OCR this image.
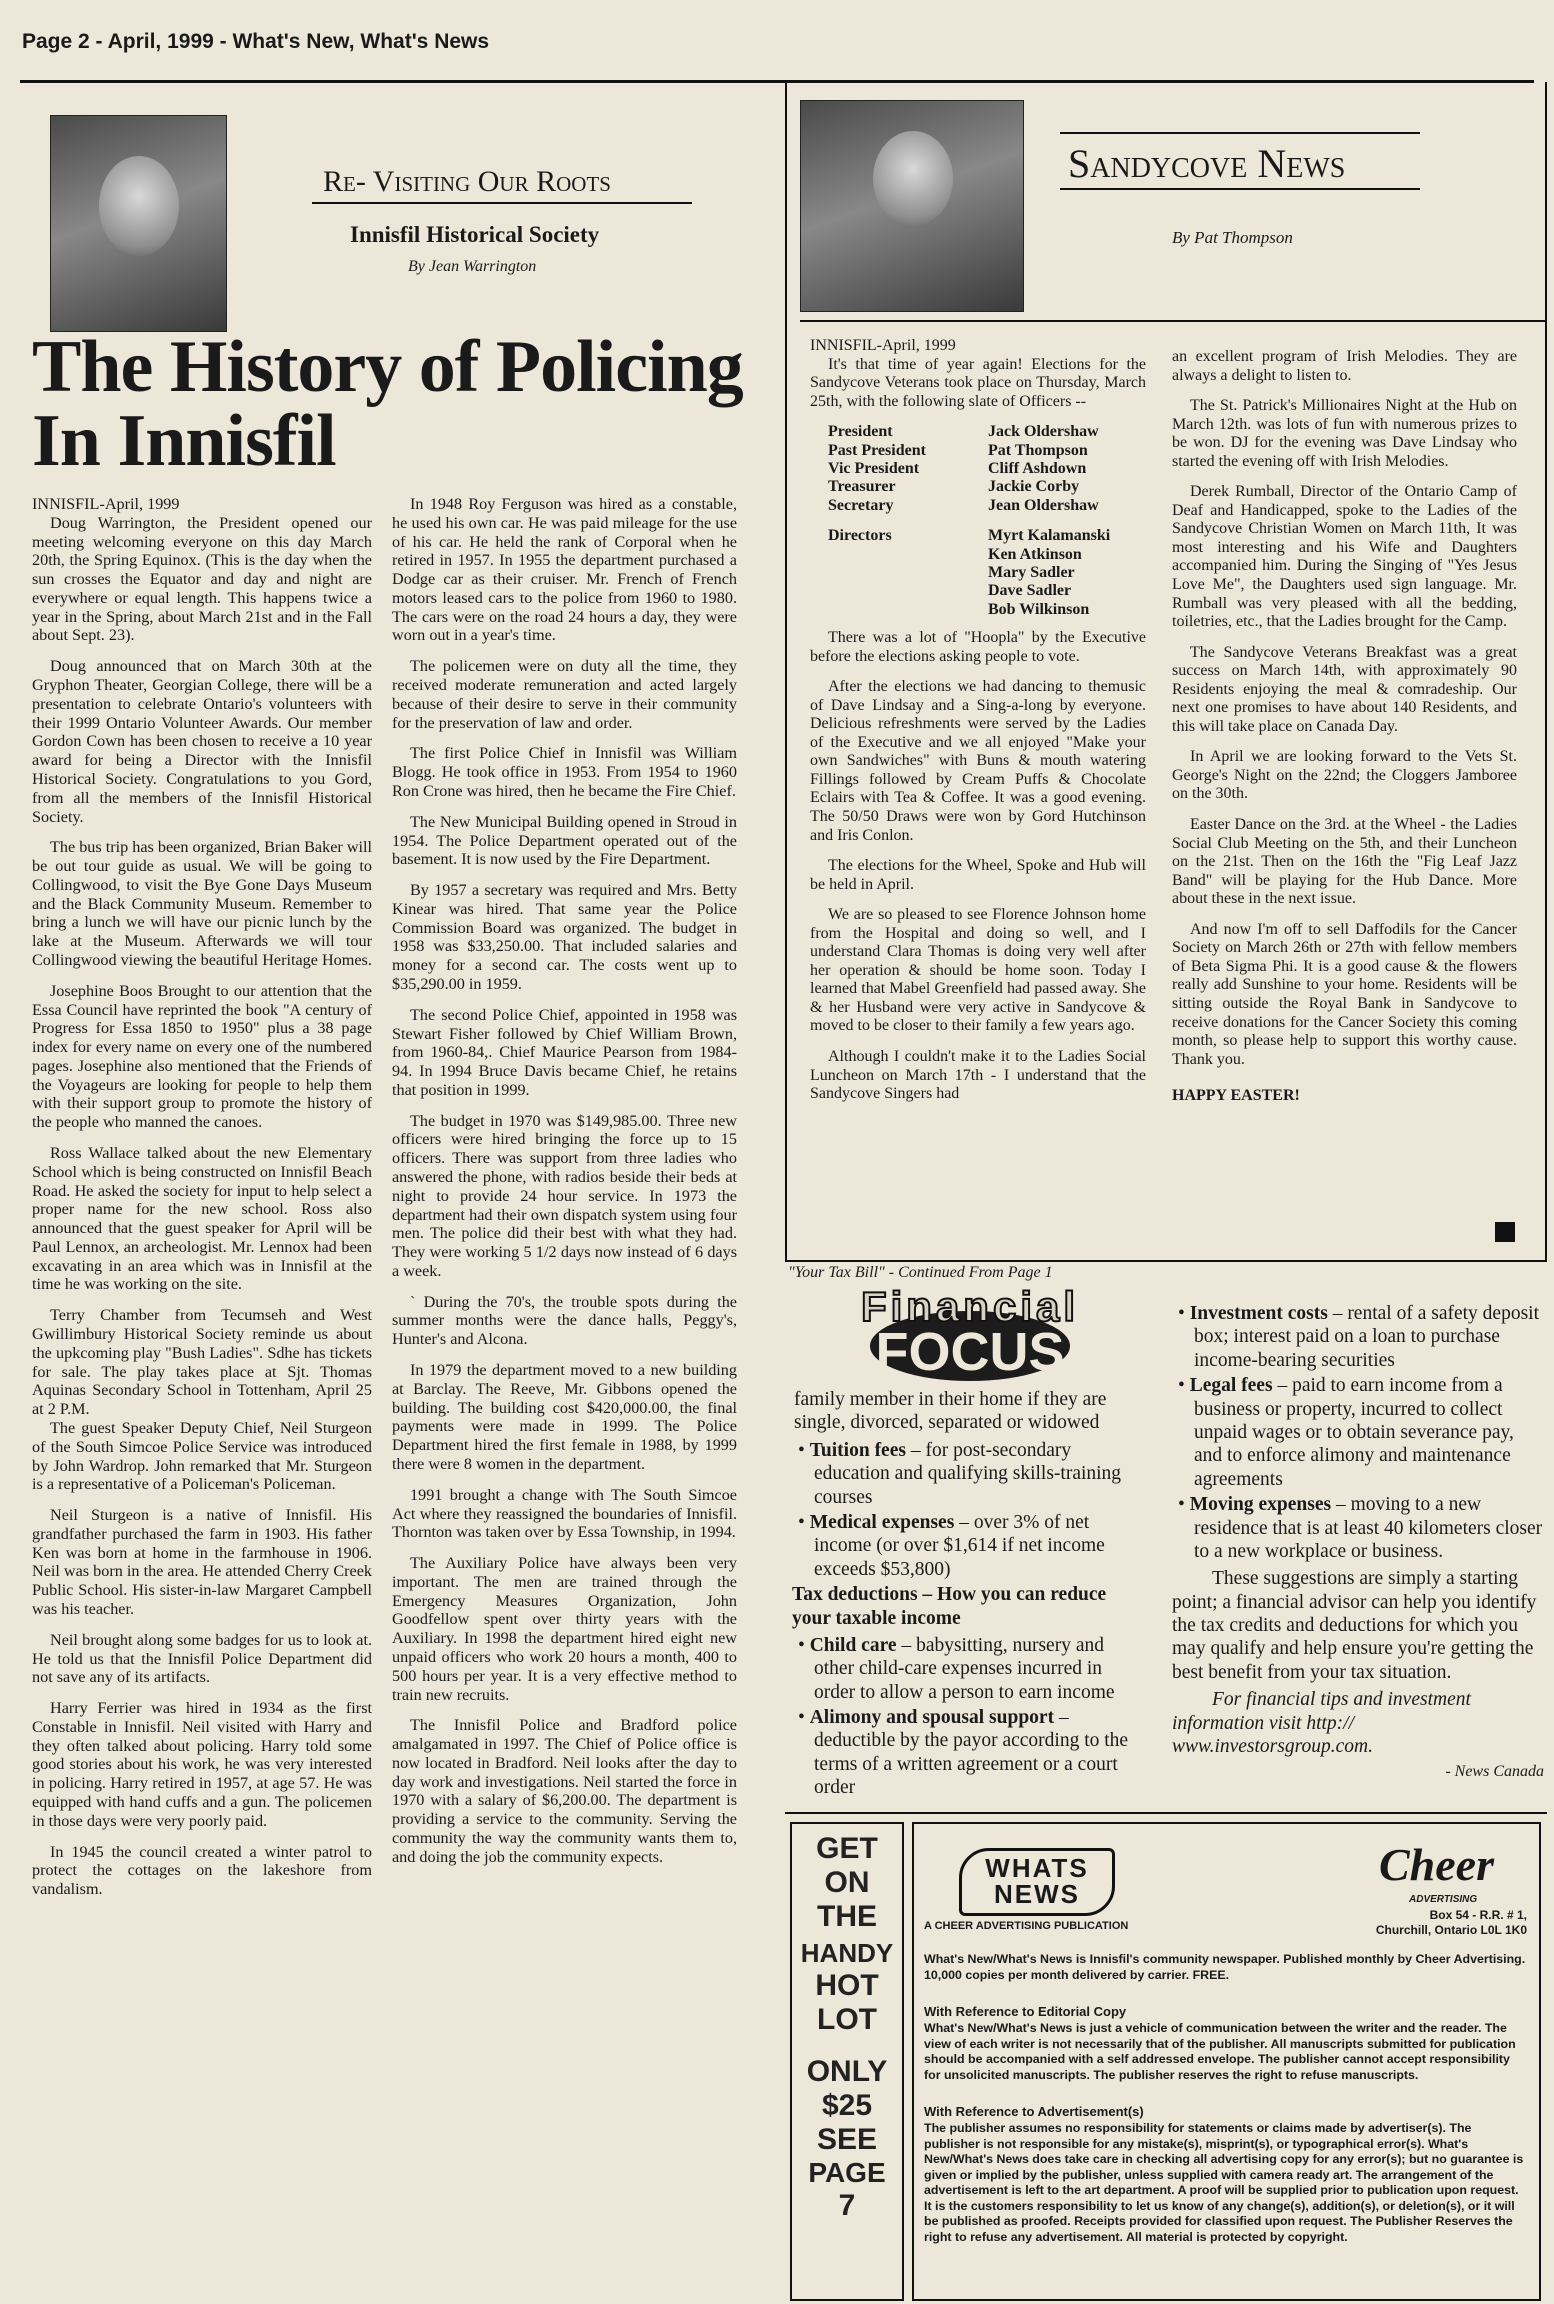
Page 2 - April, 1999 - What's New, What's News
Re- Visiting Our Roots
Innisfil Historical Society
By Jean Warrington
The History of Policing
In Innisfil

INNISFIL-April, 1999

Doug Warrington, the President opened our meeting welcoming everyone on this day March 20th, the Spring Equinox. (This is the day when the sun crosses the Equator and day and night are everywhere or equal length. This happens twice a year in the Spring, about March 21st and in the Fall about Sept. 23).

Doug announced that on March 30th at the Gryphon Theater, Georgian College, there will be a presentation to celebrate Ontario's volunteers with their 1999 Ontario Volunteer Awards. Our member Gordon Cown has been chosen to receive a 10 year award for being a Director with the Innisfil Historical Society. Congratulations to you Gord, from all the members of the Innisfil Historical Society.

The bus trip has been organized, Brian Baker will be out tour guide as usual. We will be going to Collingwood, to visit the Bye Gone Days Museum and the Black Community Museum. Remember to bring a lunch we will have our picnic lunch by the lake at the Museum. Afterwards we will tour Collingwood viewing the beautiful Heritage Homes.

Josephine Boos Brought to our attention that the Essa Council have reprinted the book "A century of Progress for Essa 1850 to 1950" plus a 38 page index for every name on every one of the numbered pages. Josephine also mentioned that the Friends of the Voyageurs are looking for people to help them with their support group to promote the history of the people who manned the canoes.

Ross Wallace talked about the new Elementary School which is being constructed on Innisfil Beach Road. He asked the society for input to help select a proper name for the new school. Ross also announced that the guest speaker for April will be Paul Lennox, an archeologist. Mr. Lennox had been excavating in an area which was in Innisfil at the time he was working on the site.

Terry Chamber from Tecumseh and West Gwillimbury Historical Society reminde us about the upkcoming play "Bush Ladies". Sdhe has tickets for sale. The play takes place at Sjt. Thomas Aquinas Secondary School in Tottenham, April 25 at 2 P.M.

The guest Speaker Deputy Chief, Neil Sturgeon of the South Simcoe Police Service was introduced by John Wardrop. John remarked that Mr. Sturgeon is a representative of a Policeman's Policeman.

Neil Sturgeon is a native of Innisfil. His grandfather purchased the farm in 1903. His father Ken was born at home in the farmhouse in 1906. Neil was born in the area. He attended Cherry Creek Public School. His sister-in-law Margaret Campbell was his teacher.

Neil brought along some badges for us to look at. He told us that the Innisfil Police Department did not save any of its artifacts.

Harry Ferrier was hired in 1934 as the first Constable in Innisfil. Neil visited with Harry and they often talked about policing. Harry told some good stories about his work, he was very interested in policing. Harry retired in 1957, at age 57. He was equipped with hand cuffs and a gun. The policemen in those days were very poorly paid.

In 1945 the council created a winter patrol to protect the cottages on the lakeshore from vandalism.

In 1948 Roy Ferguson was hired as a constable, he used his own car. He was paid mileage for the use of his car. He held the rank of Corporal when he retired in 1957. In 1955 the department purchased a Dodge car as their cruiser. Mr. French of French motors leased cars to the police from 1960 to 1980. The cars were on the road 24 hours a day, they were worn out in a year's time.

The policemen were on duty all the time, they received moderate remuneration and acted largely because of their desire to serve in their community for the preservation of law and order.

The first Police Chief in Innisfil was William Blogg. He took office in 1953. From 1954 to 1960 Ron Crone was hired, then he became the Fire Chief.

The New Municipal Building opened in Stroud in 1954. The Police Department operated out of the basement. It is now used by the Fire Department.

By 1957 a secretary was required and Mrs. Betty Kinear was hired. That same year the Police Commission Board was organized. The budget in 1958 was $33,250.00. That included salaries and money for a second car. The costs went up to $35,290.00 in 1959.

The second Police Chief, appointed in 1958 was Stewart Fisher followed by Chief William Brown, from 1960-84,. Chief Maurice Pearson from 1984-94. In 1994 Bruce Davis became Chief, he retains that position in 1999.

The budget in 1970 was $149,985.00. Three new officers were hired bringing the force up to 15 officers. There was support from three ladies who answered the phone, with radios beside their beds at night to provide 24 hour service. In 1973 the department had their own dispatch system using four men. The police did their best with what they had. They were working 5 1/2 days now instead of 6 days a week.

` During the 70's, the trouble spots during the summer months were the dance halls, Peggy's, Hunter's and Alcona.

In 1979 the department moved to a new building at Barclay. The Reeve, Mr. Gibbons opened the building. The building cost $420,000.00, the final payments were made in 1999. The Police Department hired the first female in 1988, by 1999 there were 8 women in the department.

1991 brought a change with The South Simcoe Act where they reassigned the boundaries of Innisfil. Thornton was taken over by Essa Township, in 1994.

The Auxiliary Police have always been very important. The men are trained through the Emergency Measures Organization, John Goodfellow spent over thirty years with the Auxiliary. In 1998 the department hired eight new unpaid officers who work 20 hours a month, 400 to 500 hours per year. It is a very effective method to train new recruits.

The Innisfil Police and Bradford police amalgamated in 1997. The Chief of Police office is now located in Bradford. Neil looks after the day to day work and investigations. Neil started the force in 1970 with a salary of $6,200.00. The department is providing a service to the community. Serving the community the way the community wants them to, and doing the job the community expects.

Sandycove News
By Pat Thompson

INNISFIL-April, 1999

It's that time of year again! Elections for the Sandycove Veterans took place on Thursday, March 25th, with the following slate of Officers --

President	Jack Oldershaw
Past President	Pat Thompson
Vic President	Cliff Ashdown
Treasurer	Jackie Corby
Secretary	Jean Oldershaw
Directors	Myrt Kalamanski
Ken Atkinson
Mary Sadler
Dave Sadler
Bob Wilkinson

There was a lot of "Hoopla" by the Executive before the elections asking people to vote.

After the elections we had dancing to themusic of Dave Lindsay and a Sing-a-long by everyone. Delicious refreshments were served by the Ladies of the Executive and we all enjoyed "Make your own Sandwiches" with Buns & mouth watering Fillings followed by Cream Puffs & Chocolate Eclairs with Tea & Coffee. It was a good evening. The 50/50 Draws were won by Gord Hutchinson and Iris Conlon.

The elections for the Wheel, Spoke and Hub will be held in April.

We are so pleased to see Florence Johnson home from the Hospital and doing so well, and I understand Clara Thomas is doing very well after her operation & should be home soon. Today I learned that Mabel Greenfield had passed away. She & her Husband were very active in Sandycove & moved to be closer to their family a few years ago.

Although I couldn't make it to the Ladies Social Luncheon on March 17th - I understand that the Sandycove Singers had

an excellent program of Irish Melodies. They are always a delight to listen to.

The St. Patrick's Millionaires Night at the Hub on March 12th. was lots of fun with numerous prizes to be won. DJ for the evening was Dave Lindsay who started the evening off with Irish Melodies.

Derek Rumball, Director of the Ontario Camp of Deaf and Handicapped, spoke to the Ladies of the Sandycove Christian Women on March 11th, It was most interesting and his Wife and Daughters accompanied him. During the Singing of "Yes Jesus Love Me", the Daughters used sign language. Mr. Rumball was very pleased with all the bedding, toiletries, etc., that the Ladies brought for the Camp.

The Sandycove Veterans Breakfast was a great success on March 14th, with approximately 90 Residents enjoying the meal & comradeship. Our next one promises to have about 140 Residents, and this will take place on Canada Day.

In April we are looking forward to the Vets St. George's Night on the 22nd; the Cloggers Jamboree on the 30th.

Easter Dance on the 3rd. at the Wheel - the Ladies Social Club Meeting on the 5th, and their Luncheon on the 21st. Then on the 16th the "Fig Leaf Jazz Band" will be playing for the Hub Dance. More about these in the next issue.

And now I'm off to sell Daffodils for the Cancer Society on March 26th or 27th with fellow members of Beta Sigma Phi. It is a good cause & the flowers really add Sunshine to your home. Residents will be sitting outside the Royal Bank in Sandycove to receive donations for the Cancer Society this coming month, so please help to support this worthy cause. Thank you.

HAPPY EASTER!

"Your Tax Bill" - Continued From Page 1
Financial
FOCUS

family member in their home if they are single, divorced, separated or widowed

• Tuition fees – for post-secondary education and qualifying skills-training courses
• Medical expenses – over 3% of net income (or over $1,614 if net income exceeds $53,800)

Tax deductions – How you can reduce your taxable income

• Child care – babysitting, nursery and other child-care expenses incurred in order to allow a person to earn income
• Alimony and spousal support – deductible by the payor according to the terms of a written agreement or a court order
• Investment costs – rental of a safety deposit box; interest paid on a loan to purchase income-bearing securities
• Legal fees – paid to earn income from a business or property, incurred to collect unpaid wages or to obtain severance pay, and to enforce alimony and maintenance agreements
• Moving expenses – moving to a new residence that is at least 40 kilometers closer to a new workplace or business.

These suggestions are simply a starting point; a financial advisor can help you identify the tax credits and deductions for which you may qualify and help ensure you're getting the best benefit from your tax situation.

For financial tips and investment information visit http:// www.investorsgroup.com.

- News Canada

GET
ON
THE
HANDY
HOT
LOT
ONLY
$25
SEE
PAGE
7
WHATS
NEWS
A CHEER ADVERTISING PUBLICATION
Cheer
ADVERTISING
Box 54 - R.R. # 1,
Churchill, Ontario L0L 1K0
What's New/What's News is Innisfil's community newspaper. Published monthly by Cheer Advertising. 10,000 copies per month delivered by carrier. FREE.
With Reference to Editorial Copy
What's New/What's News is just a vehicle of communication between the writer and the reader. The view of each writer is not necessarily that of the publisher. All manuscripts submitted for publication should be accompanied with a self addressed envelope. The publisher cannot accept responsibility for unsolicited manuscripts. The publisher reserves the right to refuse manuscripts.
With Reference to Advertisement(s)
The publisher assumes no responsibility for statements or claims made by advertiser(s). The publisher is not responsible for any mistake(s), misprint(s), or typographical error(s). What's New/What's News does take care in checking all advertising copy for any error(s); but no guarantee is given or implied by the publisher, unless supplied with camera ready art. The arrangement of the advertisement is left to the art department. A proof will be supplied prior to publication upon request. It is the customers responsibility to let us know of any change(s), addition(s), or deletion(s), or it will be published as proofed. Receipts provided for classified upon request. The Publisher Reserves the right to refuse any advertisement. All material is protected by copyright.
